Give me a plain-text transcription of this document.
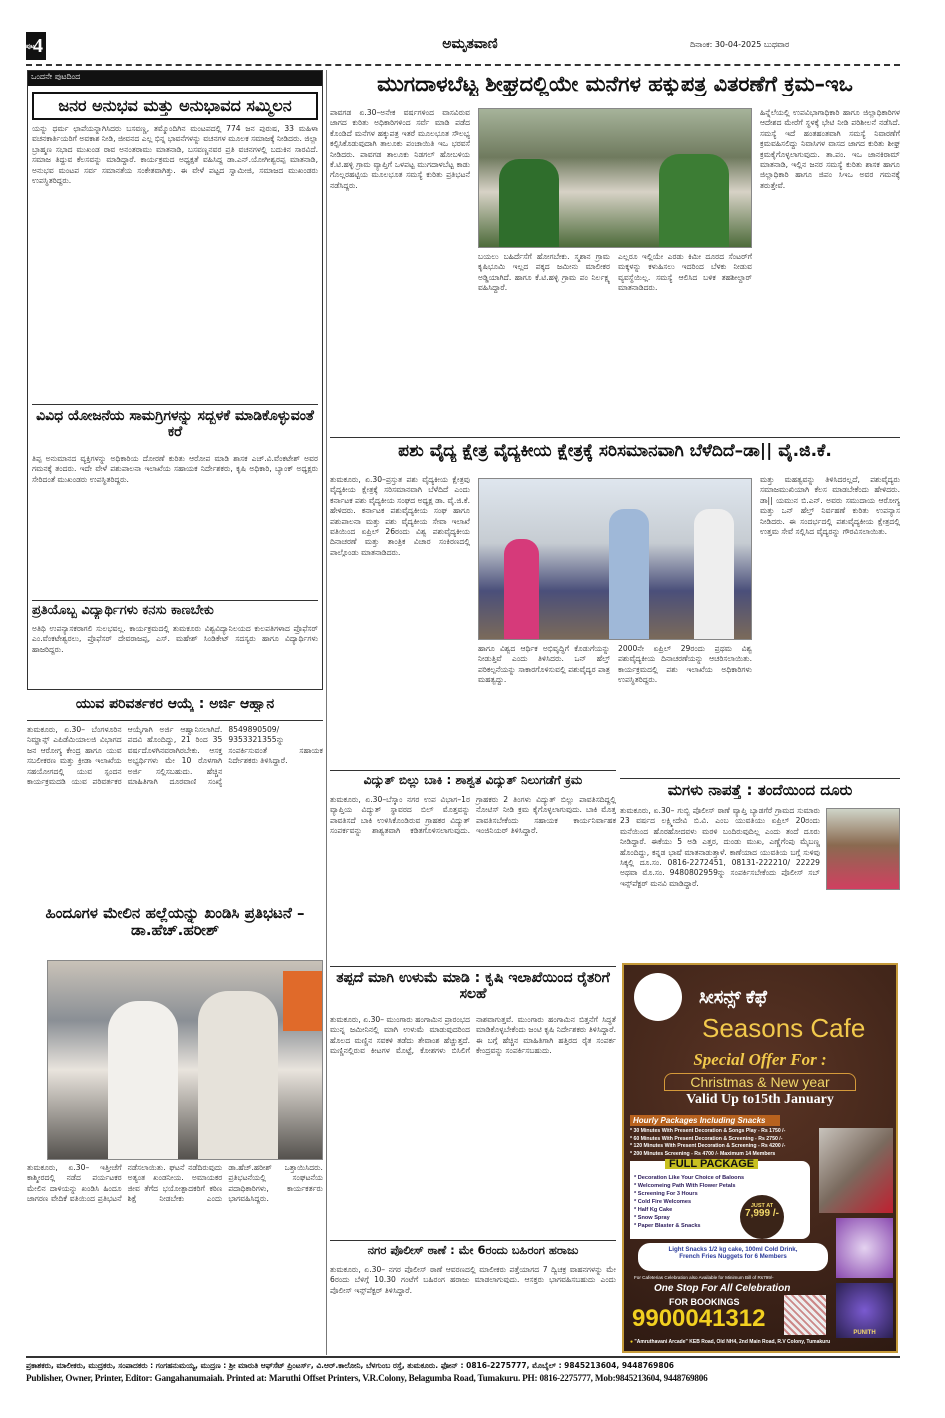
ಪುಟ
4	ಅಮೃತವಾಣಿ	ದಿನಾಂಕ: 30-04-2025 ಬುಧವಾರ
ಒಂದನೇ ಪುಟದಿಂದ
ಜನರ ಅನುಭವ ಮತ್ತು ಅನುಭಾವದ ಸಮ್ಮಿಲನ
ಯನ್ನು ಧರ್ಮ ಛಾಪೆಯನ್ನಾಗಿಸಿದರು ಬಸವಣ್ಣ, ತಮ್ಮೊಂದಿಗಿನ ಮಂಟಪದಲ್ಲಿ 774 ಜನ ಪುರುಷ, 33 ಮಹಿಳಾ ವಚನಕಾರ್ತಿಯರಿಗೆ ಅವಕಾಶ ನೀಡಿ, ಜೀವನದ ಎಲ್ಲ ಭಿನ್ನ ಭಾವನೆಗಳನ್ನು ವಚನಗಳ ಮೂಲಕ ಸಮಾಜಕ್ಕೆ ನೀಡಿದರು. ಜಿಲ್ಲಾ ಬ್ರಾಹ್ಮಣ ಸಭಾದ ಮುಖಂಡ ರಾವ ಅನಂತರಾಮು ಮಾತನಾಡಿ, ಬಸವಣ್ಣನವರ ಪ್ರತಿ ವಚನಗಳಲ್ಲಿ ಬದುಕಿನ ಸಾರವಿದೆ. ಸಮಾಜ ತಿದ್ದುವ ಕೆಲಸವನ್ನು ಮಾಡಿದ್ದಾರೆ. ಕಾರ್ಯಕ್ರಮದ ಅಧ್ಯಕ್ಷತೆ ವಹಿಸಿದ್ದ ಡಾ.ಎನ್.ಯೋಗೀಶ್ವರಪ್ಪ ಮಾತನಾಡಿ, ಅನುಭವ ಮಂಟಪ ಸರ್ವ ಸಮಾನತೆಯ ಸಂಕೇತವಾಗಿತ್ತು. ಈ ವೇಳೆ ಪಟ್ಟದ ಸ್ವಾಮೀಜಿ, ಸಮಾಜದ ಮುಖಂಡರು ಉಪಸ್ಥಿತರಿದ್ದರು.
ವಿವಿಧ ಯೋಜನೆಯ ಸಾಮಗ್ರಿಗಳನ್ನು ಸದ್ಬಳಕೆ ಮಾಡಿಕೊಳ್ಳುವಂತೆ ಕರೆ
ತಿಪ್ಪ ಅನುಮಾನದ ವ್ಯಕ್ತಿಗಳನ್ನು ಅಧಿಕಾರಿಯ ದೋರಣೆ ಕುರಿತು ಆರೋಪ ಮಾಡಿ ಶಾಸಕ ಎಚ್.ವಿ.ವೆಂಕಟೇಶ್ ಅವರ ಗಮನಕ್ಕೆ ತಂದರು. ಇದೇ ವೇಳೆ ಪಶುಪಾಲನಾ ಇಲಾಖೆಯ ಸಹಾಯಕ ನಿರ್ದೇಶಕರು, ಕೃಷಿ ಅಧಿಕಾರಿ, ಬ್ಯಾಂಕ್ ಅಧ್ಯಕ್ಷರು ಸೇರಿದಂತೆ ಮುಖಂಡರು ಉಪಸ್ಥಿತರಿದ್ದರು.
ಪ್ರತಿಯೊಬ್ಬ ವಿದ್ಯಾರ್ಥಿಗಳು ಕನಸು ಕಾಣಬೇಕು
ಅತಿಥಿ ಉಪನ್ಯಾಸಕರಾಗಲಿ ಸುಲಭವಲ್ಲ. ಕಾರ್ಯಕ್ರಮದಲ್ಲಿ ತುಮಕೂರು ವಿಶ್ವವಿದ್ಯಾನಿಲಯದ ಕುಲಪತಿಗಳಾದ ಪ್ರೊಫೆಸರ್ ಎಂ.ವೆಂಕಟೇಶ್ವರಲು, ಪ್ರೊಫೆಸರ್ ದೇವರಾಜಪ್ಪ, ಎಸ್. ಮಹೇಶ್ ಸಿಂಡಿಕೇಟ್ ಸದಸ್ಯರು ಹಾಗೂ ವಿದ್ಯಾರ್ಥಿಗಳು ಹಾಜರಿದ್ದರು.
ಯುವ ಪರಿವರ್ತಕರ ಆಯ್ಕೆ : ಅರ್ಜಿ ಆಹ್ವಾನ
ತುಮಕೂರು, ಏ.30– ಬೆಂಗಳೂರಿನ ನಿಮ್ಹಾನ್ಸ್ ಎಪಿಡೆಮಿಯಾಲಜಿ ವಿಭಾಗದ ಜನ ಆರೋಗ್ಯ ಕೇಂದ್ರ ಹಾಗೂ ಯುವ ಸಬಲೀಕರಣ ಮತ್ತು ಕ್ರೀಡಾ ಇಲಾಖೆಯ ಸಹಯೋಗದಲ್ಲಿ ಯುವ ಸ್ಪಂದನ ಕಾರ್ಯಕ್ರಮದಡಿ ಯುವ ಪರಿವರ್ತಕರ ಆಯ್ಕೆಗಾಗಿ ಅರ್ಜಿ ಆಹ್ವಾನಿಸಲಾಗಿದೆ. ಪದವಿ ಹೊಂದಿದ್ದು, 21 ರಿಂದ 35 ವರ್ಷದೊಳಗಿನವರಾಗಿರಬೇಕು. ಆಸಕ್ತ ಅಭ್ಯರ್ಥಿಗಳು ಮೇ 10 ರೊಳಗಾಗಿ ಅರ್ಜಿ ಸಲ್ಲಿಸಬಹುದು. ಹೆಚ್ಚಿನ ಮಾಹಿತಿಗಾಗಿ ದೂರವಾಣಿ ಸಂಖ್ಯೆ 8549890509/ 9353321355ನ್ನು ಸಂಪರ್ಕಿಸುವಂತೆ ಸಹಾಯಕ ನಿರ್ದೇಶಕರು ತಿಳಿಸಿದ್ದಾರೆ.
ಹಿಂದೂಗಳ ಮೇಲಿನ ಹಲ್ಲೆಯನ್ನು ಖಂಡಿಸಿ ಪ್ರತಿಭಟನೆ – ಡಾ.ಹೆಚ್.ಹರೀಶ್
ತುಮಕೂರು, ಏ.30– ಇತ್ತೀಚೆಗೆ ಕಾಶ್ಮೀರದಲ್ಲಿ ನಡೆದ ಪರ್ಯಟಕರ ಮೇಲಿನ ದಾಳಿಯನ್ನು ಖಂಡಿಸಿ ಹಿಂದೂ ಜಾಗರಣ ವೇದಿಕೆ ವತಿಯಿಂದ ಪ್ರತಿಭಟನೆ ನಡೆಸಲಾಯಿತು. ಘಟನೆ ನಡೆದಿರುವುದು ಅತ್ಯಂತ ಖಂಡನೀಯ. ಅಮಾಯಕರ ಜೀವ ತೆಗೆದ ಭಯೋತ್ಪಾದಕರಿಗೆ ಕಠಿಣ ಶಿಕ್ಷೆ ನೀಡಬೇಕು ಎಂದು ಡಾ.ಹೆಚ್.ಹರೀಶ್ ಒತ್ತಾಯಿಸಿದರು. ಪ್ರತಿಭಟನೆಯಲ್ಲಿ ಸಂಘಟನೆಯ ಪದಾಧಿಕಾರಿಗಳು, ಕಾರ್ಯಕರ್ತರು ಭಾಗವಹಿಸಿದ್ದರು.
ಮುಗದಾಳಬೆಟ್ಟ ಶೀಘ್ರದಲ್ಲಿಯೇ ಮನೆಗಳ ಹಕ್ಕುಪತ್ರ ವಿತರಣೆಗೆ ಕ್ರಮ–ಇಒ
ಪಾವಗಡ ಏ.30–ಅನೇಕ ವರ್ಷಗಳಿಂದ ವಾಸವಿರುವ ಜಾಗದ ಕುರಿತು ಅಧಿಕಾರಿಗಳಿಂದ ಸರ್ವೆ ಮಾಡಿ ಪಡೆದ ಕೊಂಡಿದೆ ಮನೆಗಳ ಹಕ್ಕುಪತ್ರ ಇತರೆ ಮೂಲಭೂತ ಸೌಲಭ್ಯ ಕಲ್ಪಿಸಿಕೊಡುವುದಾಗಿ ತಾಲೂಕು ಪಂಚಾಯಿತಿ ಇಒ ಭರವಸೆ ನೀಡಿದರು. ಪಾವಗಡ ತಾಲೂಕು ನಿಡಗಲ್ ಹೋಬಳಿಯ ಕೆ.ಟಿ.ಹಳ್ಳಿ ಗ್ರಾಮ ವ್ಯಾಪ್ತಿಗೆ ಒಳಪಟ್ಟ ಮುಗದಾಳಬೆಟ್ಟ ಕಾಡು ಗೊಲ್ಲರಹಟ್ಟಿಯ ಮೂಲಭೂತ ಸಮಸ್ಯೆ ಕುರಿತು ಪ್ರತಿಭಟನೆ ನಡೆಸಿದ್ದರು.
ಬಯಲು ಬಹಿರ್ದೆಸೆಗೆ ಹೋಗಬೇಕು. ಸ್ಮಶಾನ ಗ್ರಾಮ ಕೃಷಿಭೂಮಿ ಇಲ್ಲದ ಪಕ್ಕದ ಜಮೀನು ಮಾಲೀಕರ ಅಡ್ಡಿಯಾಗಿದೆ. ಹಾಗೂ ಕೆ.ಟಿ.ಹಳ್ಳಿ ಗ್ರಾಮ ಪಂ ನಿರ್ಲಕ್ಷ್ಯ ವಹಿಸಿದ್ದಾರೆ.
ಎಲ್ಲರೂ ಇಲ್ಲಿಯೇ ಎರಡು ಕಿಮೀ ದೂರದ ಸೆಂಟರ್‌ಗೆ ಮಕ್ಕಳನ್ನು ಕಳುಹಿಸಲು ಇದರಿಂದ ಬೆಳಕು ನೀಡುವ ವ್ಯವಸ್ಥೆಯಿಲ್ಲ. ಸಮಸ್ಯೆ ಆಲಿಸಿದ ಬಳಿಕ ತಹಶೀಲ್ದಾರ್ ಮಾತನಾಡಿದರು.
ಹಿನ್ನೆಲೆಯಲ್ಲಿ ಉಪವಿಭಾಗಾಧಿಕಾರಿ ಹಾಗೂ ಜಿಲ್ಲಾಧಿಕಾರಿಗಳ ಆದೇಶದ ಮೇರೆಗೆ ಸ್ಥಳಕ್ಕೆ ಭೇಟಿ ನೀಡಿ ಪರಿಶೀಲನೆ ನಡೆಸಿದೆ. ಸಮಸ್ಯೆ ಇದೆ ಹಂತಹಂತವಾಗಿ ಸಮಸ್ಯೆ ನಿವಾರಣೆಗೆ ಕ್ರಮವಹಿಸಲಿದ್ದು ನಿವಾಸಿಗಳ ವಾಸದ ಜಾಗದ ಕುರಿತು ಶೀಘ್ರ ಕ್ರಮಕೈಗೊಳ್ಳಲಾಗುವುದು. ತಾ.ಪಂ. ಇಒ ಜಾನಕಿರಾಮ್ ಮಾತನಾಡಿ, ಇಲ್ಲಿನ ಜನರ ಸಮಸ್ಯೆ ಕುರಿತು ಶಾಸಕ ಹಾಗೂ ಜಿಲ್ಲಾಧಿಕಾರಿ ಹಾಗೂ ಜಿಪಂ ಸಿಇಒ ಅವರ ಗಮನಕ್ಕೆ ತರುತ್ತೇವೆ.
ಪಶು ವೈದ್ಯ ಕ್ಷೇತ್ರ ವೈದ್ಯಕೀಯ ಕ್ಷೇತ್ರಕ್ಕೆ ಸರಿಸಮಾನವಾಗಿ ಬೆಳೆದಿದೆ–ಡಾ|| ವೈ.ಜಿ.ಕೆ.
ತುಮಕೂರು, ಏ.30–ಪ್ರಸ್ತುತ ಪಶು ವೈದ್ಯಕೀಯ ಕ್ಷೇತ್ರವು ವೈದ್ಯಕೀಯ ಕ್ಷೇತ್ರಕ್ಕೆ ಸರಿಸಮಾನವಾಗಿ ಬೆಳೆದಿದೆ ಎಂದು ಕರ್ನಾಟಕ ಪಶು ವೈದ್ಯಕೀಯ ಸಂಘದ ಅಧ್ಯಕ್ಷ ಡಾ. ವೈ.ಜಿ.ಕೆ. ಹೇಳಿದರು. ಕರ್ನಾಟಕ ಪಶುವೈದ್ಯಕೀಯ ಸಂಘ ಹಾಗೂ ಪಶುಪಾಲನಾ ಮತ್ತು ಪಶು ವೈದ್ಯಕೀಯ ಸೇವಾ ಇಲಾಖೆ ವತಿಯಿಂದ ಏಪ್ರಿಲ್ 26ರಂದು ವಿಶ್ವ ಪಶುವೈದ್ಯಕೀಯ ದಿನಾಚರಣೆ ಮತ್ತು ತಾಂತ್ರಿಕ ವಿಚಾರ ಸಂಕಿರಣದಲ್ಲಿ ಪಾಲ್ಗೊಂಡು ಮಾತನಾಡಿದರು.
ಹಾಗೂ ವಿಶ್ವದ ಆರ್ಥಿಕ ಅಭಿವೃದ್ಧಿಗೆ ಕೊಡುಗೆಯನ್ನು ನೀಡುತ್ತಿವೆ ಎಂದು ತಿಳಿಸಿದರು. ಒನ್ ಹೆಲ್ತ್ ಪರಿಕಲ್ಪನೆಯನ್ನು ಸಾಕಾರಗೊಳಿಸುವಲ್ಲಿ ಪಶುವೈದ್ಯರ ಪಾತ್ರ ಮಹತ್ವದ್ದು.
2000ನೇ ಏಪ್ರಿಲ್ 29ರಂದು ಪ್ರಥಮ ವಿಶ್ವ ಪಶುವೈದ್ಯಕೀಯ ದಿನಾಚರಣೆಯನ್ನು ಆಚರಿಸಲಾಯಿತು. ಕಾರ್ಯಕ್ರಮದಲ್ಲಿ ಪಶು ಇಲಾಖೆಯ ಅಧಿಕಾರಿಗಳು ಉಪಸ್ಥಿತರಿದ್ದರು.
ಮತ್ತು ಮಹತ್ವವನ್ನು ತಿಳಿಸಿದರಲ್ಲದೆ, ಪಶುವೈದ್ಯರು ಸಮಾಜಮುಖಿಯಾಗಿ ಕೆಲಸ ಮಾಡಬೇಕೆಂದು ಹೇಳಿದರು. ಡಾ|| ಯಮುನ ಬಿ.ಎನ್. ಅವರು ಸಮುದಾಯ ಆರೋಗ್ಯ ಮತ್ತು ಒನ್ ಹೆಲ್ತ್ ನಿರ್ವಹಣೆ ಕುರಿತು ಉಪನ್ಯಾಸ ನೀಡಿದರು. ಈ ಸಂದರ್ಭದಲ್ಲಿ ಪಶುವೈದ್ಯಕೀಯ ಕ್ಷೇತ್ರದಲ್ಲಿ ಉತ್ತಮ ಸೇವೆ ಸಲ್ಲಿಸಿದ ವೈದ್ಯರನ್ನು ಗೌರವಿಸಲಾಯಿತು.
ವಿದ್ಯುತ್ ಬಿಲ್ಲು ಬಾಕಿ : ಶಾಶ್ವತ ವಿದ್ಯುತ್ ನಿಲುಗಡೆಗೆ ಕ್ರಮ
ತುಮಕೂರು, ಏ.30–ಬೆಸ್ಕಾಂ ನಗರ ಉಪ ವಿಭಾಗ–1ರ ವ್ಯಾಪ್ತಿಯ ವಿದ್ಯುತ್ ಸ್ಥಾವರದ ಬಿಲ್ ಮೊತ್ತವನ್ನು ಪಾವತಿಸದೆ ಬಾಕಿ ಉಳಿಸಿಕೊಂಡಿರುವ ಗ್ರಾಹಕರ ವಿದ್ಯುತ್ ಸಂಪರ್ಕವನ್ನು ಶಾಶ್ವತವಾಗಿ ಕಡಿತಗೊಳಿಸಲಾಗುವುದು. ಗ್ರಾಹಕರು 2 ತಿಂಗಳು ವಿದ್ಯುತ್ ಬಿಲ್ಲು ಪಾವತಿಸದಿದ್ದಲ್ಲಿ ನೋಟಿಸ್ ನೀಡಿ ಕ್ರಮ ಕೈಗೊಳ್ಳಲಾಗುವುದು. ಬಾಕಿ ಮೊತ್ತ ಪಾವತಿಸಬೇಕೆಂದು ಸಹಾಯಕ ಕಾರ್ಯನಿರ್ವಾಹಕ ಇಂಜಿನಿಯರ್ ತಿಳಿಸಿದ್ದಾರೆ.
ಮಗಳು ನಾಪತ್ತೆ : ತಂದೆಯಿಂದ ದೂರು
ತುಮಕೂರು, ಏ.30– ಗುಬ್ಬಿ ಪೊಲೀಸ್ ಠಾಣೆ ವ್ಯಾಪ್ತಿ ಬ್ಯಾಡಗೆರೆ ಗ್ರಾಮದ ಸುಮಾರು 23 ವರ್ಷದ ಲಕ್ಷ್ಮೀದೇವಿ ಬಿ.ವಿ. ಎಂಬ ಯುವತಿಯು ಏಪ್ರಿಲ್ 20ರಂದು ಮನೆಯಿಂದ ಹೊರಹೋದವಳು ಮರಳಿ ಬಂದಿರುವುದಿಲ್ಲ ಎಂದು ತಂದೆ ದೂರು ನೀಡಿದ್ದಾರೆ. ಈಕೆಯು 5 ಅಡಿ ಎತ್ತರ, ದುಂಡು ಮುಖ, ಎಣ್ಣೆಗೆಂಪು ಮೈಬಣ್ಣ ಹೊಂದಿದ್ದು, ಕನ್ನಡ ಭಾಷೆ ಮಾತನಾಡುತ್ತಾಳೆ. ಕಾಣೆಯಾದ ಯುವತಿಯ ಬಗ್ಗೆ ಸುಳಿವು ಸಿಕ್ಕಲ್ಲಿ ದೂ.ಸಂ. 0816-2272451, 08131-222210/ 22229 ಅಥವಾ ಮೊ.ಸಂ. 9480802959ನ್ನು ಸಂಪರ್ಕಿಸಬೇಕೆಂದು ಪೊಲೀಸ್ ಸಬ್ ಇನ್ಸ್‌ಪೆಕ್ಟರ್ ಮನವಿ ಮಾಡಿದ್ದಾರೆ.
ತಪ್ಪದೆ ಮಾಗಿ ಉಳುಮೆ ಮಾಡಿ : ಕೃಷಿ ಇಲಾಖೆಯಿಂದ ರೈತರಿಗೆ ಸಲಹೆ
ತುಮಕೂರು, ಏ.30– ಮುಂಗಾರು ಹಂಗಾಮಿನ ಪ್ರಾರಂಭದ ಮುನ್ನ ಜಮೀನಿನಲ್ಲಿ ಮಾಗಿ ಉಳುಮೆ ಮಾಡುವುದರಿಂದ ಹೊಲದ ಮಣ್ಣಿನ ಸವಕಳಿ ತಡೆದು ತೇವಾಂಶ ಹೆಚ್ಚುತ್ತದೆ. ಮಣ್ಣಿನಲ್ಲಿರುವ ಕೀಟಗಳ ಮೊಟ್ಟೆ, ಕೋಶಗಳು ಬಿಸಿಲಿಗೆ ನಾಶವಾಗುತ್ತವೆ. ಮುಂಗಾರು ಹಂಗಾಮಿನ ಬಿತ್ತನೆಗೆ ಸಿದ್ಧತೆ ಮಾಡಿಕೊಳ್ಳಬೇಕೆಂದು ಜಂಟಿ ಕೃಷಿ ನಿರ್ದೇಶಕರು ತಿಳಿಸಿದ್ದಾರೆ. ಈ ಬಗ್ಗೆ ಹೆಚ್ಚಿನ ಮಾಹಿತಿಗಾಗಿ ಹತ್ತಿರದ ರೈತ ಸಂಪರ್ಕ ಕೇಂದ್ರವನ್ನು ಸಂಪರ್ಕಿಸಬಹುದು.
ನಗರ ಪೊಲೀಸ್ ಠಾಣೆ : ಮೇ 6ರಂದು ಬಹಿರಂಗ ಹರಾಜು
ತುಮಕೂರು, ಏ.30– ನಗರ ಪೊಲೀಸ್ ಠಾಣೆ ಆವರಣದಲ್ಲಿ ಮಾಲೀಕರು ಪತ್ತೆಯಾಗದ 7 ದ್ವಿಚಕ್ರ ವಾಹನಗಳನ್ನು ಮೇ 6ರಂದು ಬೆಳಿಗ್ಗೆ 10.30 ಗಂಟೆಗೆ ಬಹಿರಂಗ ಹರಾಜು ಮಾಡಲಾಗುವುದು. ಆಸಕ್ತರು ಭಾಗವಹಿಸಬಹುದು ಎಂದು ಪೊಲೀಸ್ ಇನ್ಸ್‌ಪೆಕ್ಟರ್ ತಿಳಿಸಿದ್ದಾರೆ.
ಸೀಸನ್ಸ್ ಕೆಫೆ
Seasons Cafe
Special Offer For :
Christmas & New year
Valid Up to15th January
Hourly Packages Including Snacks
* 30 Minutes With Present Decoration & Songs Play - Rs 1750 /-
* 60 Minutes With Present Decoration & Screening - Rs 2750 /-
* 120 Minutes With Present Decoration & Screening - Rs 4200 /-
* 200 Minutes Screening - Rs 4700 /- Maximum 14 Members
FULL PACKAGE
* Decoration Like Your Choice of Baloons
* Welcomeing Path With Flower Petals
* Screening For 3 Hours
* Cold Fire Welcomes
* Half Kg Cake
* Snow Spray
* Paper Blaster & Snacks
JUST AT
7,999 /-
PUNITH
Light Snacks 1/2 kg cake, 100ml Cold Drink, French Fries Nuggets for 6 Members
For Cafeterias Celebration also Available for Minimum Bill of Rs799/-
One Stop For All Celebration
FOR BOOKINGS
9900041312
● "Amruthavani Arcade" KEB Road, Old NH4, 2nd Main Road, R.V Colony, Tumakuru
ಪ್ರಕಾಶಕರು, ಮಾಲೀಕರು, ಮುದ್ರಕರು, ಸಂಪಾದಕರು : ಗಂಗಹನುಮಯ್ಯ, ಮುದ್ರಣ : ಶ್ರೀ ಮಾರುತಿ ಆಫ್‌ಸೆಟ್ ಪ್ರಿಂಟರ್ಸ್, ವಿ.ಆರ್.ಕಾಲೋನಿ, ಬೆಳಗುಂಬ ರಸ್ತೆ, ತುಮಕೂರು. ಫೋನ್ : 0816-2275777, ಮೊಬೈಲ್ : 9845213604, 9448769806
Publisher, Owner, Printer, Editor: Gangahanumaiah. Printed at: Maruthi Offset Printers, V.R.Colony, Belagumba Road, Tumakuru. PH: 0816-2275777, Mob:9845213604, 9448769806
